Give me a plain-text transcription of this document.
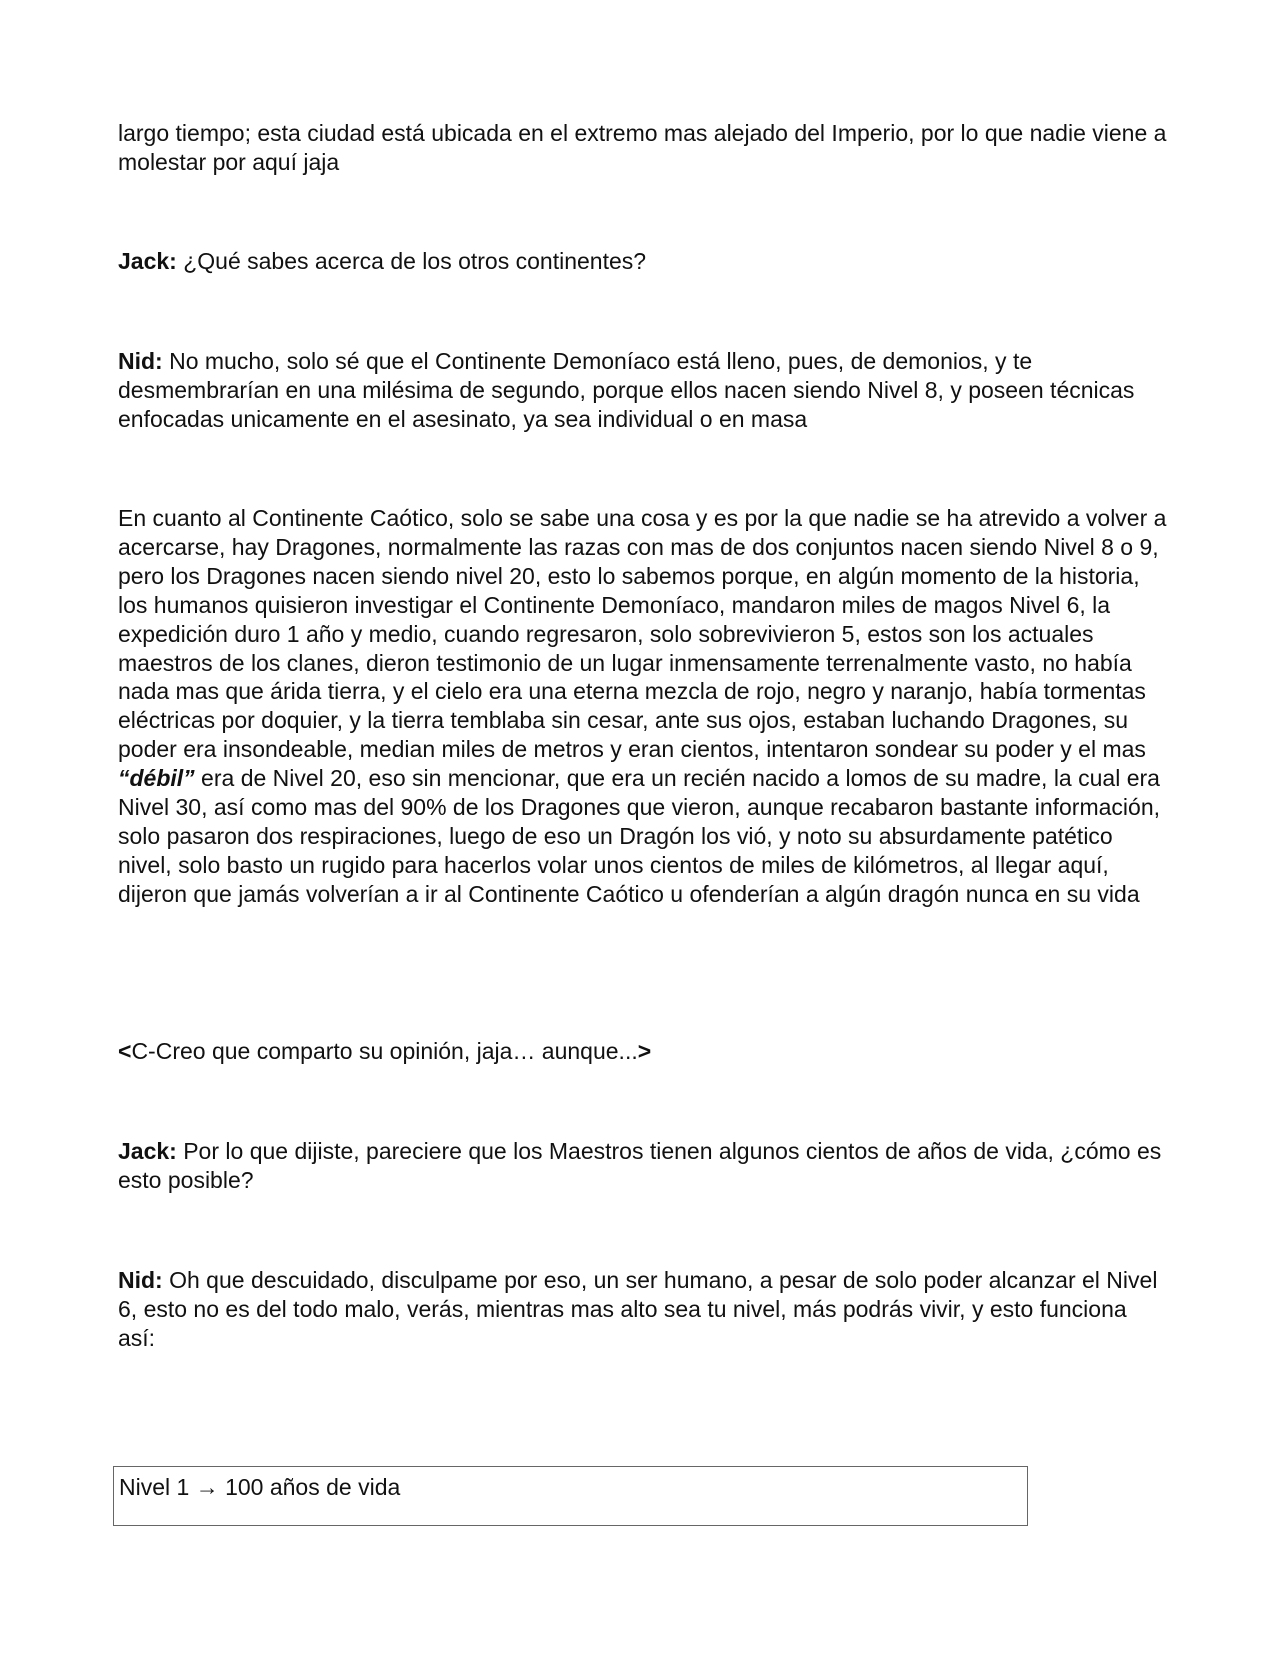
largo tiempo; esta ciudad está ubicada en el extremo mas alejado del Imperio, por lo que nadie viene a molestar por aquí jaja

Jack: ¿Qué sabes acerca de los otros continentes?

Nid: No mucho, solo sé que el Continente Demoníaco está lleno, pues, de demonios, y te desmembrarían en una milésima de segundo, porque ellos nacen siendo Nivel 8, y poseen técnicas enfocadas unicamente en el asesinato, ya sea individual o en masa

En cuanto al Continente Caótico, solo se sabe una cosa y es por la que nadie se ha atrevido a volver a acercarse, hay Dragones, normalmente las razas con mas de dos conjuntos nacen siendo Nivel 8 o 9, pero los Dragones nacen siendo nivel 20, esto lo sabemos porque, en algún momento de la historia, los humanos quisieron investigar el Continente Demoníaco, mandaron miles de magos Nivel 6, la expedición duro 1 año y medio, cuando regresaron, solo sobrevivieron 5, estos son los actuales maestros de los clanes, dieron testimonio de un lugar inmensamente terrenalmente vasto, no había nada mas que árida tierra, y el cielo era una eterna mezcla de rojo, negro y naranjo, había tormentas eléctricas por doquier, y la tierra temblaba sin cesar, ante sus ojos, estaban luchando Dragones, su poder era insondeable, median miles de metros y eran cientos, intentaron sondear su poder y el mas “débil” era de Nivel 20, eso sin mencionar, que era un recién nacido a lomos de su madre, la cual era Nivel 30, así como mas del 90% de los Dragones que vieron, aunque recabaron bastante información, solo pasaron dos respiraciones, luego de eso un Dragón los vió, y noto su absurdamente patético nivel, solo basto un rugido para hacerlos volar unos cientos de miles de kilómetros, al llegar aquí, dijeron que jamás volverían a ir al Continente Caótico u ofenderían a algún dragón nunca en su vida

<C-Creo que comparto su opinión, jaja… aunque...>

Jack: Por lo que dijiste, pareciere que los Maestros tienen algunos cientos de años de vida, ¿cómo es esto posible?

Nid: Oh que descuidado, disculpame por eso, un ser humano, a pesar de solo poder alcanzar el Nivel 6, esto no es del todo malo, verás, mientras mas alto sea tu nivel, más podrás vivir, y esto funciona así:

Nivel 1 → 100 años de vida
